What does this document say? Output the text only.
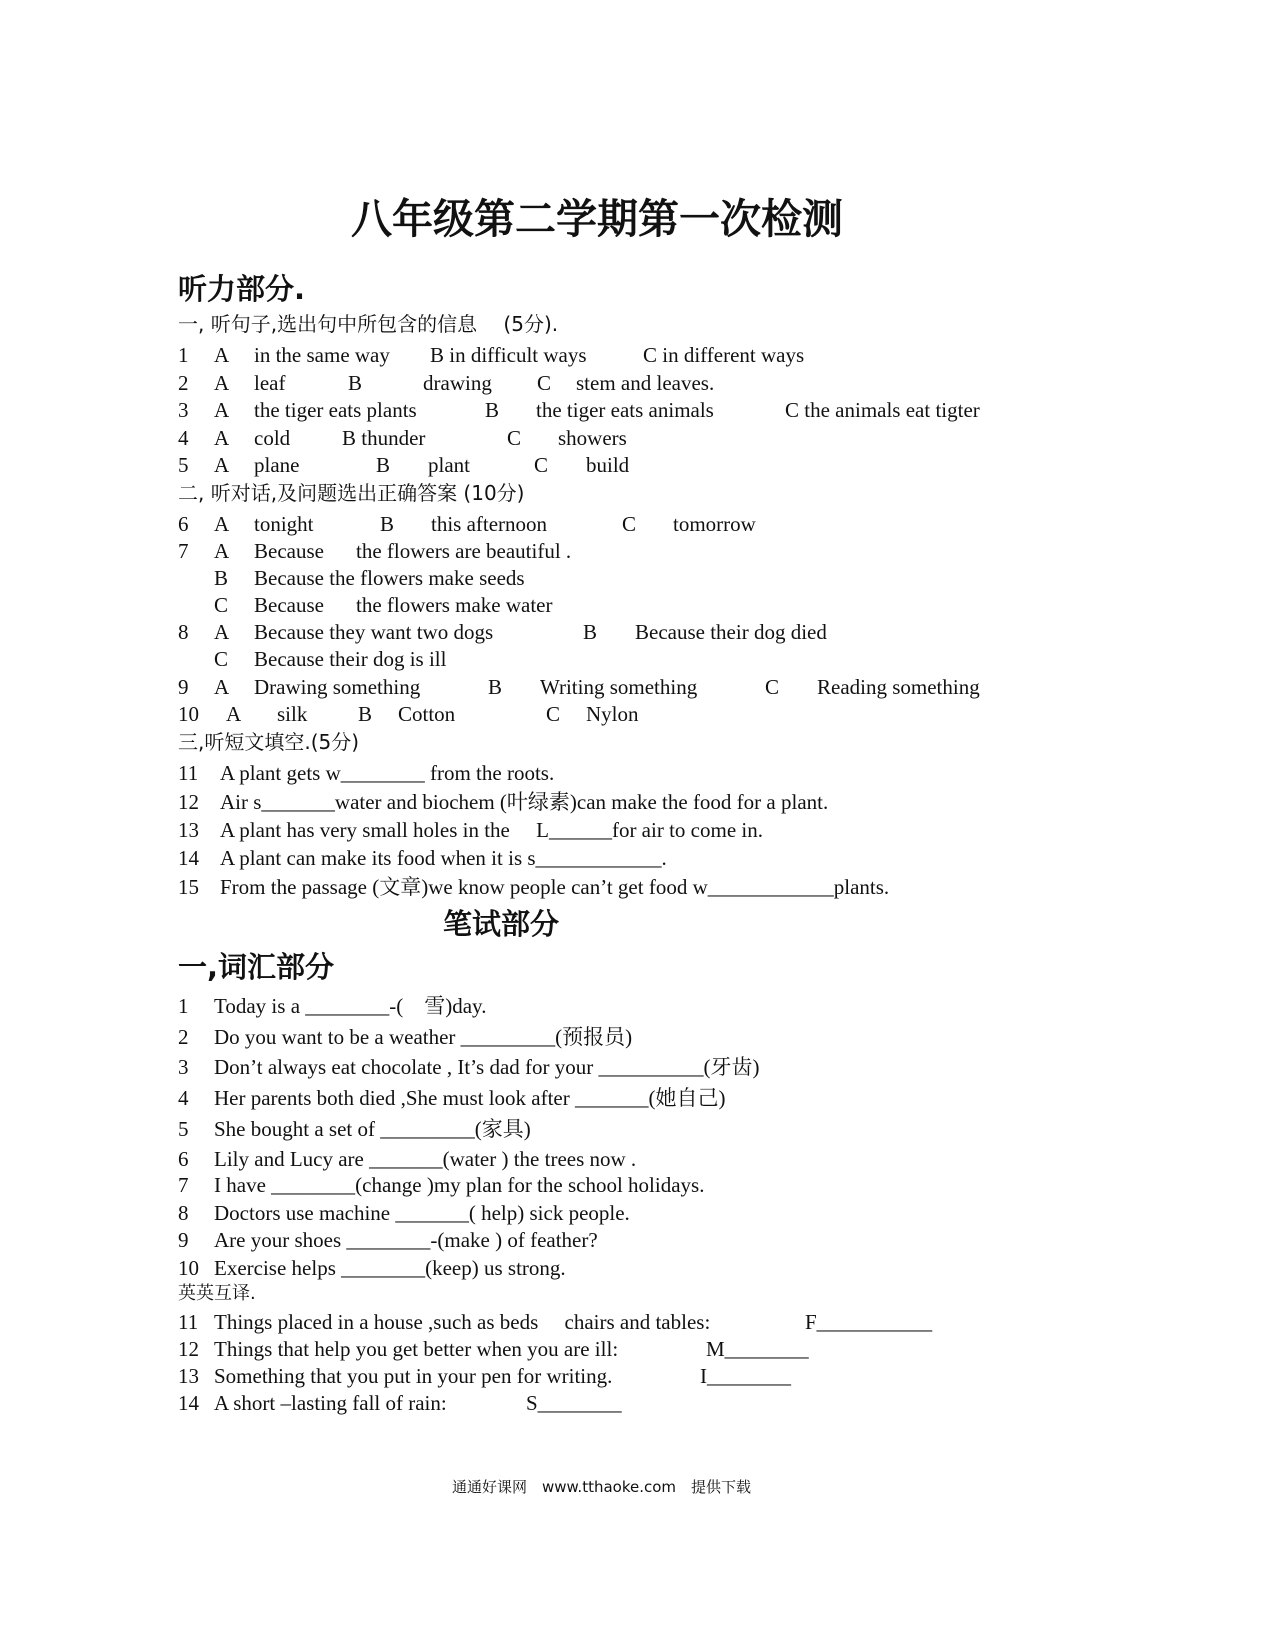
八年级第二学期第一次检测
听力部分.
一, 听句子,选出句中所包含的信息　 (5分).
1 A in the same way B in difficult ways	C in different ways
2 A leaf	B	drawing C stem and leaves.
3 A the tiger eats plants	B the tiger eats animals	C the animals eat tigter
4 A cold B thunder	C showers
5 A plane	B plant	C build
二, 听对话,及问题选出正确答案 (10分)
6 A tonight	B this afternoon	C tomorrow
7 A Because the flowers are beautiful .
B Because the flowers make seeds
C Because the flowers make water
8 A Because they want two dogs	B Because their dog died
C Because their dog is ill
9 A Drawing something	B Writing something	C Reading something
10 A silk B Cotton	C Nylon
三,听短文填空.(5分)
11 A plant gets w________ from the roots.
12 Air s_______water and biochem (叶绿素)can make the food for a plant.
13 A plant has very small holes in the　 L______for air to come in.
14 A plant can make its food when it is s____________.
15 From the passage (文章)we know people can’t get food w____________plants.
笔试部分
一,词汇部分
1 Today is a ________-(　雪)day.
2 Do you want to be a weather _________(预报员)
3 Don’t always eat chocolate , It’s dad for your __________(牙齿)
4 Her parents both died ,She must look after _______(她自己)
5 She bought a set of _________(家具)
6 Lily and Lucy are _______(water ) the trees now .
7 I have ________(change )my plan for the school holidays.
8 Doctors use machine _______( help) sick people.
9 Are your shoes ________-(make ) of feather?
10 Exercise helps ________(keep) us strong.
英英互译.
11 Things placed in a house ,such as beds　 chairs and tables:	F___________
12 Things that help you get better when you are ill:	M________
13 Something that you put in your pen for writing.	I________
14 A short –lasting fall of rain:	S________
通通好课网　www.tthaoke.com　提供下载
